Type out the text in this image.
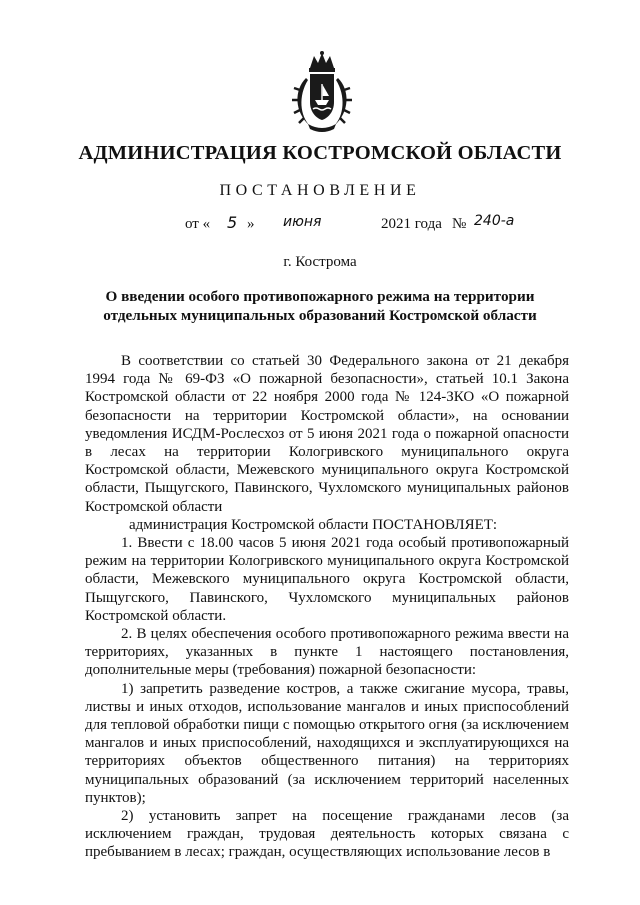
АДМИНИСТРАЦИЯ КОСТРОМСКОЙ ОБЛАСТИ
ПОСТАНОВЛЕНИЕ
от « 5 » июня	2021 года № 240-а
г. Кострома
О введении особого противопожарного режима на территории отдельных муниципальных образований Костромской области

В соответствии со статьей 30 Федерального закона от 21 декабря 1994 года № 69-ФЗ «О пожарной безопасности», статьей 10.1 Закона Костромской области от 22 ноября 2000 года № 124-ЗКО «О пожарной безопасности на территории Костромской области», на основании уведомления ИСДМ-Рослесхоз от 5 июня 2021 года о пожарной опасности в лесах на территории Кологривского муниципального округа Костромской области, Межевского муниципального округа Костромской области, Пыщугского, Павинского, Чухломского муниципальных районов Костромской области

администрация Костромской области ПОСТАНОВЛЯЕТ:

1. Ввести с 18.00 часов 5 июня 2021 года особый противопожарный режим на территории Кологривского муниципального округа Костромской области, Межевского муниципального округа Костромской области, Пыщугского, Павинского, Чухломского муниципальных районов Костромской области.

2. В целях обеспечения особого противопожарного режима ввести на территориях, указанных в пункте 1 настоящего постановления, дополнительные меры (требования) пожарной безопасности:

1) запретить разведение костров, а также сжигание мусора, травы, листвы и иных отходов, использование мангалов и иных приспособлений для тепловой обработки пищи с помощью открытого огня (за исключением мангалов и иных приспособлений, находящихся и эксплуатирующихся на территориях объектов общественного питания) на территориях муниципальных образований (за исключением территорий населенных пунктов);

2) установить запрет на посещение гражданами лесов (за исключением граждан, трудовая деятельность которых связана с пребыванием в лесах; граждан, осуществляющих использование лесов в
